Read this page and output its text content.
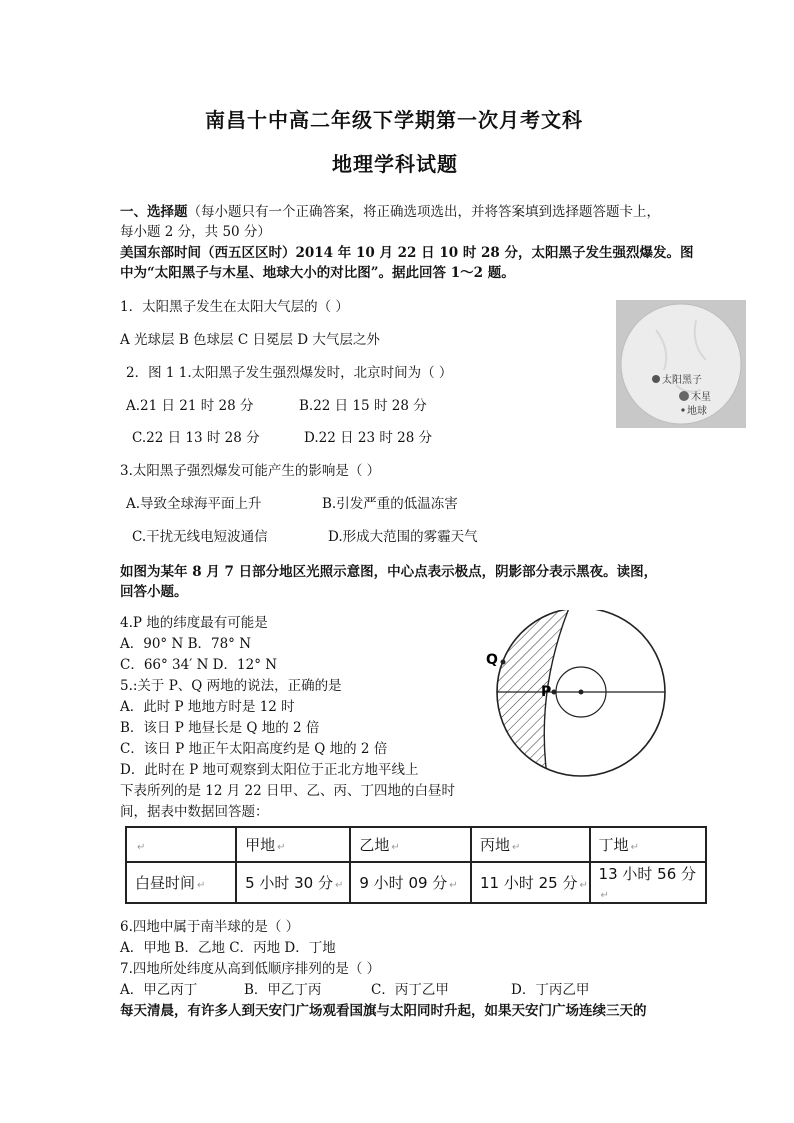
南昌十中高二年级下学期第一次月考文科
地理学科试题
一、选择题（每小题只有一个正确答案，将正确选项选出，并将答案填到选择题答题卡上，
每小题 2 分，共 50 分）
美国东部时间（西五区区时）2014 年 10 月 22 日 10 时 28 分，太阳黑子发生强烈爆发。图
中为“太阳黑子与木星、地球大小的对比图”。据此回答 1～2 题。
1．太阳黑子发生在太阳大气层的（ ）
A 光球层 B 色球层 C 日冕层 D 大气层之外
2．图 1 1.太阳黑子发生强烈爆发时，北京时间为（ ）
A.21 日 21 时 28 分	B.22 日 15 时 28 分
C.22 日 13 时 28 分	D.22 日 23 时 28 分
太阳黑子
木星
地球
3.太阳黑子强烈爆发可能产生的影响是（ ）
A.导致全球海平面上升	B.引发严重的低温冻害
C.干扰无线电短波通信	D.形成大范围的雾霾天气
如图为某年 8 月 7 日部分地区光照示意图，中心点表示极点，阴影部分表示黑夜。读图，
回答小题。
Q
P
4.P 地的纬度最有可能是
A．90° N B．78° N
C．66° 34′ N D．12° N
5.:关于 P、Q 两地的说法，正确的是
A．此时 P 地地方时是 12 时
B．该日 P 地昼长是 Q 地的 2 倍
C．该日 P 地正午太阳高度约是 Q 地的 2 倍
D．此时在 P 地可观察到太阳位于正北方地平线上
下表所列的是 12 月 22 日甲、乙、丙、丁四地的白昼时
间，据表中数据回答题：
↵	甲地 ↵	乙地 ↵	丙地 ↵	丁地 ↵
白昼时间 ↵	5 小时 30 分 ↵	9 小时 09 分 ↵	11 小时 25 分 ↵	13 小时 56 分↵
6.四地中属于南半球的是（ ）
A．甲地 B．乙地 C．丙地 D．丁地
7.四地所处纬度从高到低顺序排列的是（ ）
A．甲乙丙丁	B．甲乙丁丙	C．丙丁乙甲	D．丁丙乙甲
每天清晨，有许多人到天安门广场观看国旗与太阳同时升起，如果天安门广场连续三天的
